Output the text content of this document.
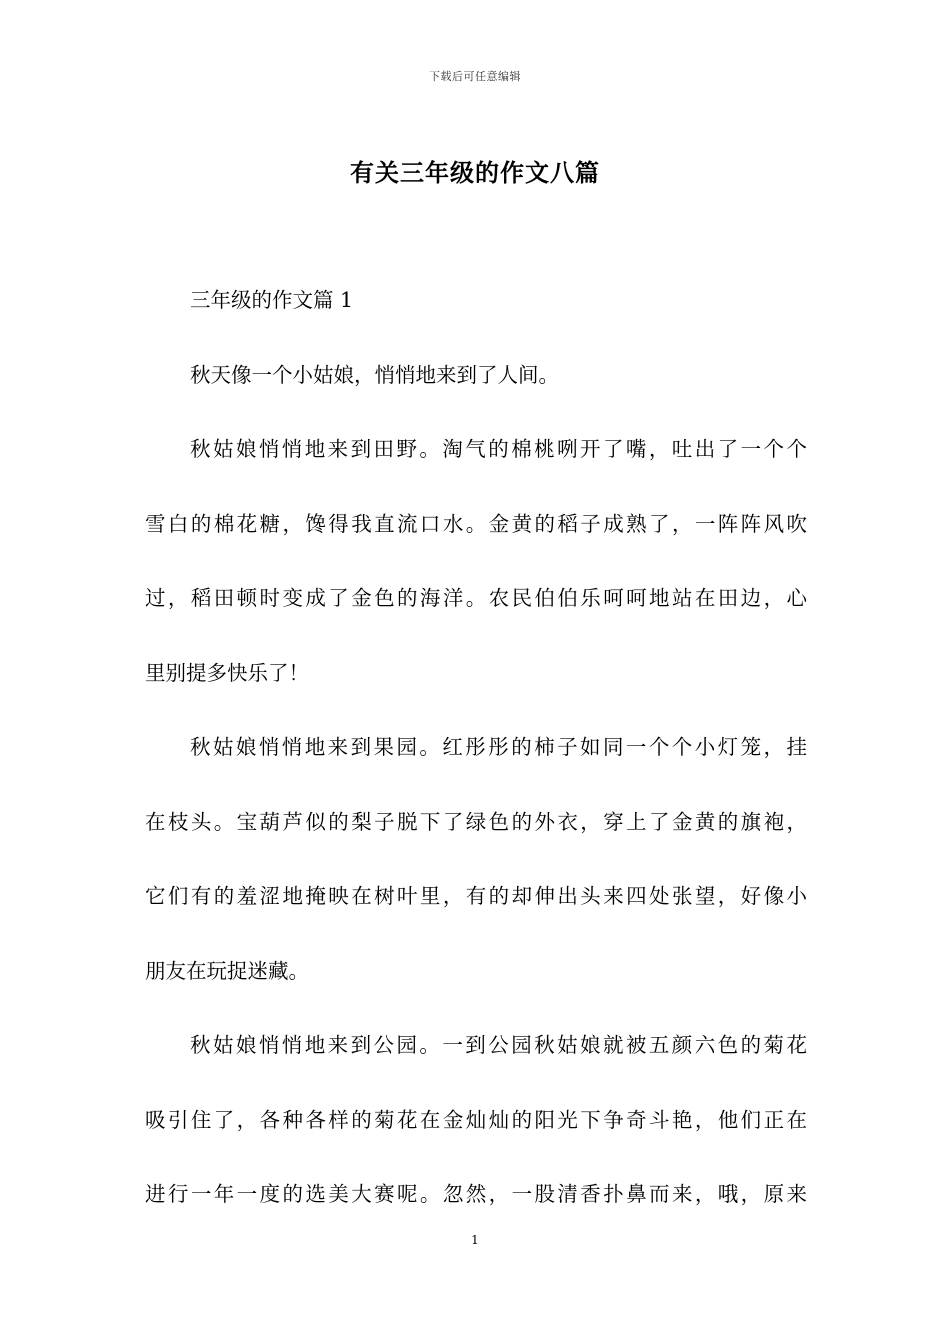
下载后可任意编辑
有关三年级的作文八篇
三年级的作文篇 1
秋天像一个小姑娘，悄悄地来到了人间。
秋姑娘悄悄地来到田野。淘气的棉桃咧开了嘴，吐出了一个个
雪白的棉花糖，馋得我直流口水。金黄的稻子成熟了，一阵阵风吹
过，稻田顿时变成了金色的海洋。农民伯伯乐呵呵地站在田边，心
里别提多快乐了！
秋姑娘悄悄地来到果园。红彤彤的柿子如同一个个小灯笼，挂
在枝头。宝葫芦似的梨子脱下了绿色的外衣，穿上了金黄的旗袍，
它们有的羞涩地掩映在树叶里，有的却伸出头来四处张望，好像小
朋友在玩捉迷藏。
秋姑娘悄悄地来到公园。一到公园秋姑娘就被五颜六色的菊花
吸引住了，各种各样的菊花在金灿灿的阳光下争奇斗艳，他们正在
进行一年一度的选美大赛呢。忽然，一股清香扑鼻而来，哦，原来
1
